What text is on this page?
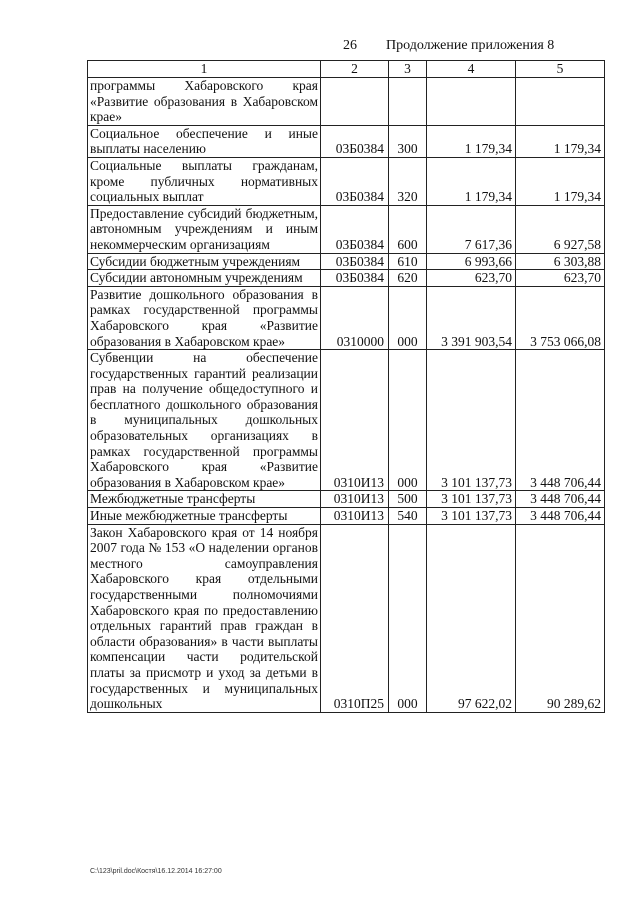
26 Продолжение приложения 8
1	2	3	4	5
программы Хабаровского края «Развитие образования в Хабаровском крае»				
Социальное обеспечение и иные выплаты населению	03Б0384	300	1 179,34	1 179,34
Социальные выплаты гражданам, кроме публичных нормативных социальных выплат	03Б0384	320	1 179,34	1 179,34
Предоставление субсидий бюджетным, автономным учреждениям и иным некоммерческим организациям	03Б0384	600	7 617,36	6 927,58
Субсидии бюджетным учреждениям	03Б0384	610	6 993,66	6 303,88
Субсидии автономным учреждениям	03Б0384	620	623,70	623,70
Развитие дошкольного образования в рамках государственной программы Хабаровского края «Развитие образования в Хабаровском крае»	0310000	000	3 391 903,54	3 753 066,08
Субвенции на обеспечение государственных гарантий реализации прав на получение общедоступного и бесплатного дошкольного образования в муниципальных дошкольных образовательных организациях в рамках государственной программы Хабаровского края «Развитие образования в Хабаровском крае»	0310И13	000	3 101 137,73	3 448 706,44
Межбюджетные трансферты	0310И13	500	3 101 137,73	3 448 706,44
Иные межбюджетные трансферты	0310И13	540	3 101 137,73	3 448 706,44
Закон Хабаровского края от 14 ноября 2007 года № 153 «О наделении органов местного самоуправления Хабаровского края отдельными государственными полномочиями Хабаровского края по предоставлению отдельных гарантий прав граждан в области образования» в части выплаты компенсации части родительской платы за присмотр и уход за детьми в государственных и муниципальных дошкольных	0310П25	000	97 622,02	90 289,62
C:\123\pril.doc\Костя\16.12.2014 16:27:00
